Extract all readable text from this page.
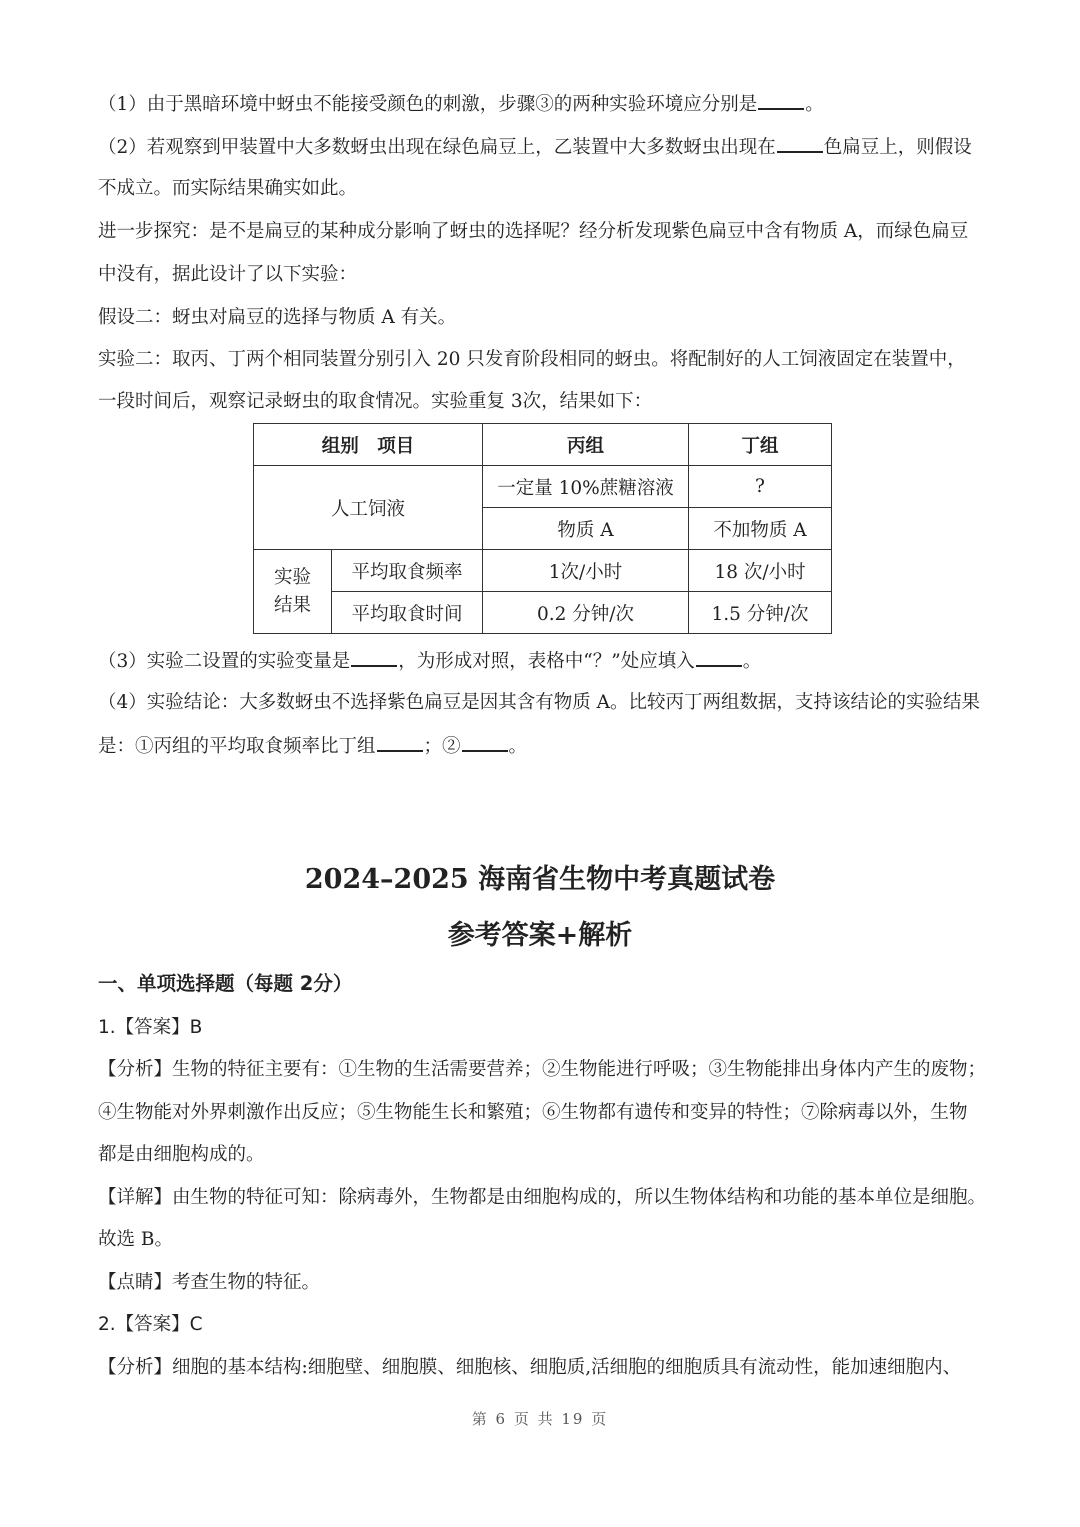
（1）由于黑暗环境中蚜虫不能接受颜色的刺激，步骤③的两种实验环境应分别是	。
（2）若观察到甲装置中大多数蚜虫出现在绿色扁豆上，乙装置中大多数蚜虫出现在	色扁豆上，则假设
不成立。而实际结果确实如此。
进一步探究：是不是扁豆的某种成分影响了蚜虫的选择呢？经分析发现紫色扁豆中含有物质 A，而绿色扁豆
中没有，据此设计了以下实验：
假设二：蚜虫对扁豆的选择与物质 A 有关。
实验二：取丙、丁两个相同装置分别引入 20 只发育阶段相同的蚜虫。将配制好的人工饲液固定在装置中，
一段时间后，观察记录蚜虫的取食情况。实验重复 3次，结果如下：
组别　项目		丙组	丁组
人工饲液		一定量 10%蔗糖溶液	?
		物质 A	不加物质 A
实验
结果	平均取食频率	1次/小时	18 次/小时
	平均取食时间	0.2 分钟/次	1.5 分钟/次
（3）实验二设置的实验变量是	，为形成对照，表格中“？”处应填入	。
（4）实验结论：大多数蚜虫不选择紫色扁豆是因其含有物质 A。比较丙丁两组数据，支持该结论的实验结果
是：①丙组的平均取食频率比丁组	；②	。
2024–2025 海南省生物中考真题试卷
参考答案+解析
一、单项选择题（每题 2分）
1.【答案】B
【分析】生物的特征主要有：①生物的生活需要营养；②生物能进行呼吸；③生物能排出身体内产生的废物；
④生物能对外界刺激作出反应；⑤生物能生长和繁殖；⑥生物都有遗传和变异的特性；⑦除病毒以外，生物
都是由细胞构成的。
【详解】由生物的特征可知：除病毒外，生物都是由细胞构成的，所以生物体结构和功能的基本单位是细胞。
故选 B。
【点睛】考查生物的特征。
2.【答案】C
【分析】细胞的基本结构:细胞壁、细胞膜、细胞核、细胞质,活细胞的细胞质具有流动性，能加速细胞内、
第 6 页 共 19 页
